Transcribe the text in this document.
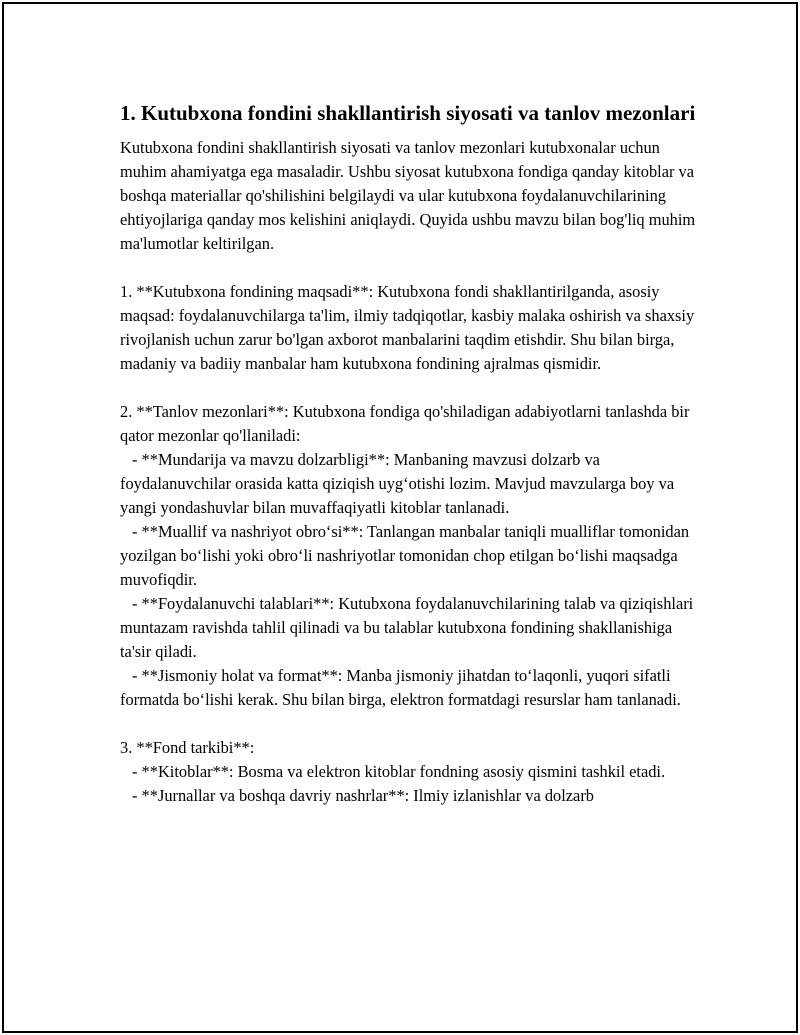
1. Kutubxona fondini shakllantirish siyosati va tanlov mezonlari

Kutubxona fondini shakllantirish siyosati va tanlov mezonlari kutubxonalar uchun muhim ahamiyatga ega masaladir. Ushbu siyosat kutubxona fondiga qanday kitoblar va boshqa materiallar qo'shilishini belgilaydi va ular kutubxona foydalanuvchilarining ehtiyojlariga qanday mos kelishini aniqlaydi. Quyida ushbu mavzu bilan bog'liq muhim ma'lumotlar keltirilgan.

1. **Kutubxona fondining maqsadi**: Kutubxona fondi shakllantirilganda, asosiy maqsad: foydalanuvchilarga ta'lim, ilmiy tadqiqotlar, kasbiy malaka oshirish va shaxsiy rivojlanish uchun zarur bo'lgan axborot manbalarini taqdim etishdir. Shu bilan birga, madaniy va badiiy manbalar ham kutubxona fondining ajralmas qismidir.

2. **Tanlov mezonlari**: Kutubxona fondiga qo'shiladigan adabiyotlarni tanlashda bir qator mezonlar qo'llaniladi:

- **Mundarija va mavzu dolzarbligi**: Manbaning mavzusi dolzarb va foydalanuvchilar orasida katta qiziqish uyg‘otishi lozim. Mavjud mavzularga boy va yangi yondashuvlar bilan muvaffaqiyatli kitoblar tanlanadi.

- **Muallif va nashriyot obro‘si**: Tanlangan manbalar taniqli mualliflar tomonidan yozilgan bo‘lishi yoki obro‘li nashriyotlar tomonidan chop etilgan bo‘lishi maqsadga muvofiqdir.

- **Foydalanuvchi talablari**: Kutubxona foydalanuvchilarining talab va qiziqishlari muntazam ravishda tahlil qilinadi va bu talablar kutubxona fondining shakllanishiga ta'sir qiladi.

- **Jismoniy holat va format**: Manba jismoniy jihatdan to‘laqonli, yuqori sifatli formatda bo‘lishi kerak. Shu bilan birga, elektron formatdagi resurslar ham tanlanadi.

3. **Fond tarkibi**:

- **Kitoblar**: Bosma va elektron kitoblar fondning asosiy qismini tashkil etadi.

- **Jurnallar va boshqa davriy nashrlar**: Ilmiy izlanishlar va dolzarb
